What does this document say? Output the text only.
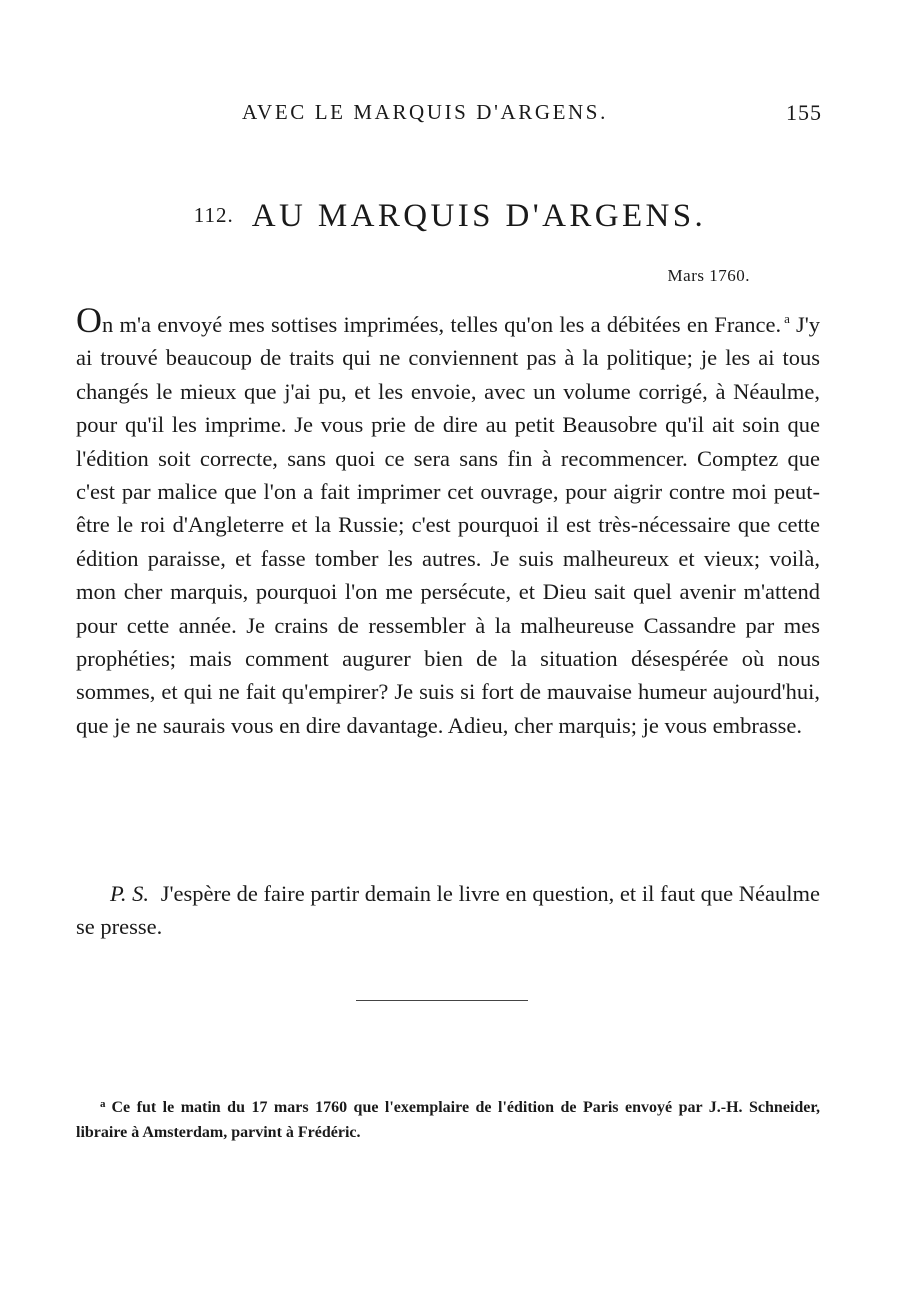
AVEC LE MARQUIS D'ARGENS.	155
112. AU MARQUIS D'ARGENS.
Mars 1760.

On m'a envoyé mes sottises imprimées, telles qu'on les a débitées en France. $^a$ J'y ai trouvé beaucoup de traits qui ne conviennent pas à la politique; je les ai tous changés le mieux que j'ai pu, et les envoie, avec un volume corrigé, à Néaulme, pour qu'il les imprime. Je vous prie de dire au petit Beausobre qu'il ait soin que l'édition soit correcte, sans quoi ce sera sans fin à recommencer. Comptez que c'est par malice que l'on a fait imprimer cet ouvrage, pour aigrir contre moi peut-être le roi d'Angleterre et la Russie; c'est pourquoi il est très-nécessaire que cette édition paraisse, et fasse tomber les autres. Je suis malheureux et vieux; voilà, mon cher marquis, pourquoi l'on me persécute, et Dieu sait quel avenir m'attend pour cette année. Je crains de ressembler à la malheureuse Cassandre par mes prophéties; mais comment augurer bien de la situation désespérée où nous sommes, et qui ne fait qu'empirer? Je suis si fort de mauvaise humeur aujourd'hui, que je ne saurais vous en dire davantage. Adieu, cher marquis; je vous embrasse.

P. S. J'espère de faire partir demain le livre en question, et il faut que Néaulme se presse.

$^a$ Ce fut le matin du 17 mars 1760 que l'exemplaire de l'édition de Paris envoyé par J.-H. Schneider, libraire à Amsterdam, parvint à Frédéric.
